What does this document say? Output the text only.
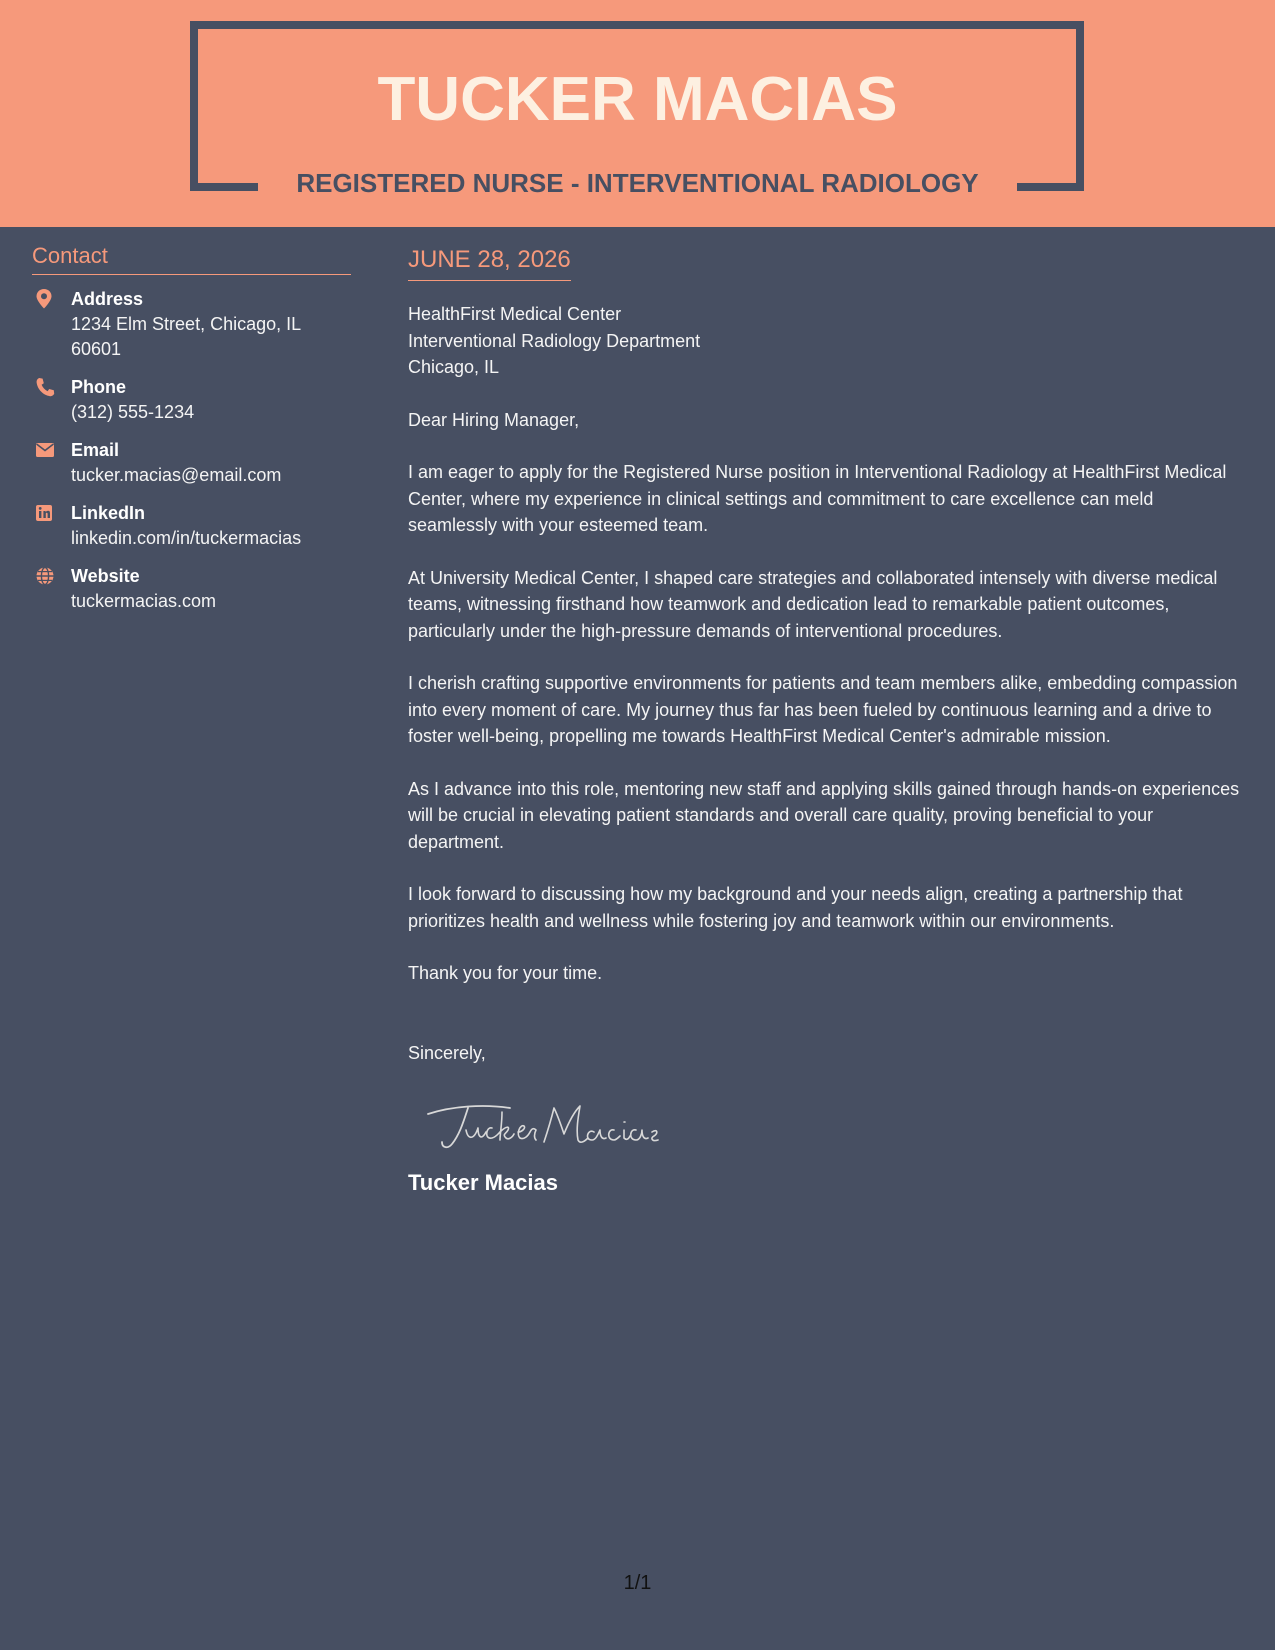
TUCKER MACIAS
REGISTERED NURSE - INTERVENTIONAL RADIOLOGY
Contact
Address
1234 Elm Street, Chicago, IL 60601
Phone
(312) 555-1234
Email
tucker.macias@email.com
LinkedIn
linkedin.com/in/tuckermacias
Website
tuckermacias.com
JUNE 28, 2026
HealthFirst Medical Center
Interventional Radiology Department
Chicago, IL

Dear Hiring Manager,

I am eager to apply for the Registered Nurse position in Interventional Radiology at HealthFirst Medical Center, where my experience in clinical settings and commitment to care excellence can meld seamlessly with your esteemed team.

At University Medical Center, I shaped care strategies and collaborated intensely with diverse medical teams, witnessing firsthand how teamwork and dedication lead to remarkable patient outcomes, particularly under the high-pressure demands of interventional procedures.

I cherish crafting supportive environments for patients and team members alike, embedding compassion into every moment of care. My journey thus far has been fueled by continuous learning and a drive to foster well-being, propelling me towards HealthFirst Medical Center's admirable mission.

As I advance into this role, mentoring new staff and applying skills gained through hands-on experiences will be crucial in elevating patient standards and overall care quality, proving beneficial to your department.

I look forward to discussing how my background and your needs align, creating a partnership that prioritizes health and wellness while fostering joy and teamwork within our environments.

Thank you for your time.

Sincerely,

Tucker Macias
1/1
